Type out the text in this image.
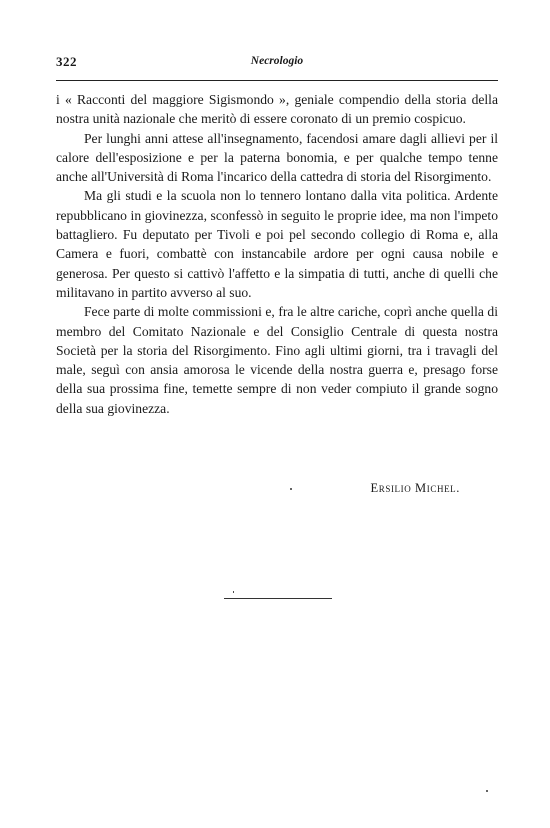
322	Necrologio

i « Racconti del maggiore Sigismondo », geniale compendio della storia della nostra unità nazionale che meritò di essere coronato di un premio cospicuo.

Per lunghi anni attese all'insegnamento, facendosi amare dagli allievi per il calore dell'esposizione e per la paterna bonomia, e per qualche tempo tenne anche all'Università di Roma l'incarico della cattedra di storia del Risorgimento.

Ma gli studi e la scuola non lo tennero lontano dalla vita politica. Ardente repubblicano in giovinezza, sconfessò in seguito le proprie idee, ma non l'impeto battagliero. Fu deputato per Tivoli e poi pel secondo collegio di Roma e, alla Camera e fuori, combattè con instancabile ardore per ogni causa nobile e generosa. Per questo si cattivò l'affetto e la simpatia di tutti, anche di quelli che militavano in partito avverso al suo.

Fece parte di molte commissioni e, fra le altre cariche, coprì anche quella di membro del Comitato Nazionale e del Consiglio Centrale di questa nostra Società per la storia del Risorgimento. Fino agli ultimi giorni, tra i travagli del male, seguì con ansia amorosa le vicende della nostra guerra e, presago forse della sua prossima fine, temette sempre di non veder compiuto il grande sogno della sua giovinezza.

Ersilio Michel.
